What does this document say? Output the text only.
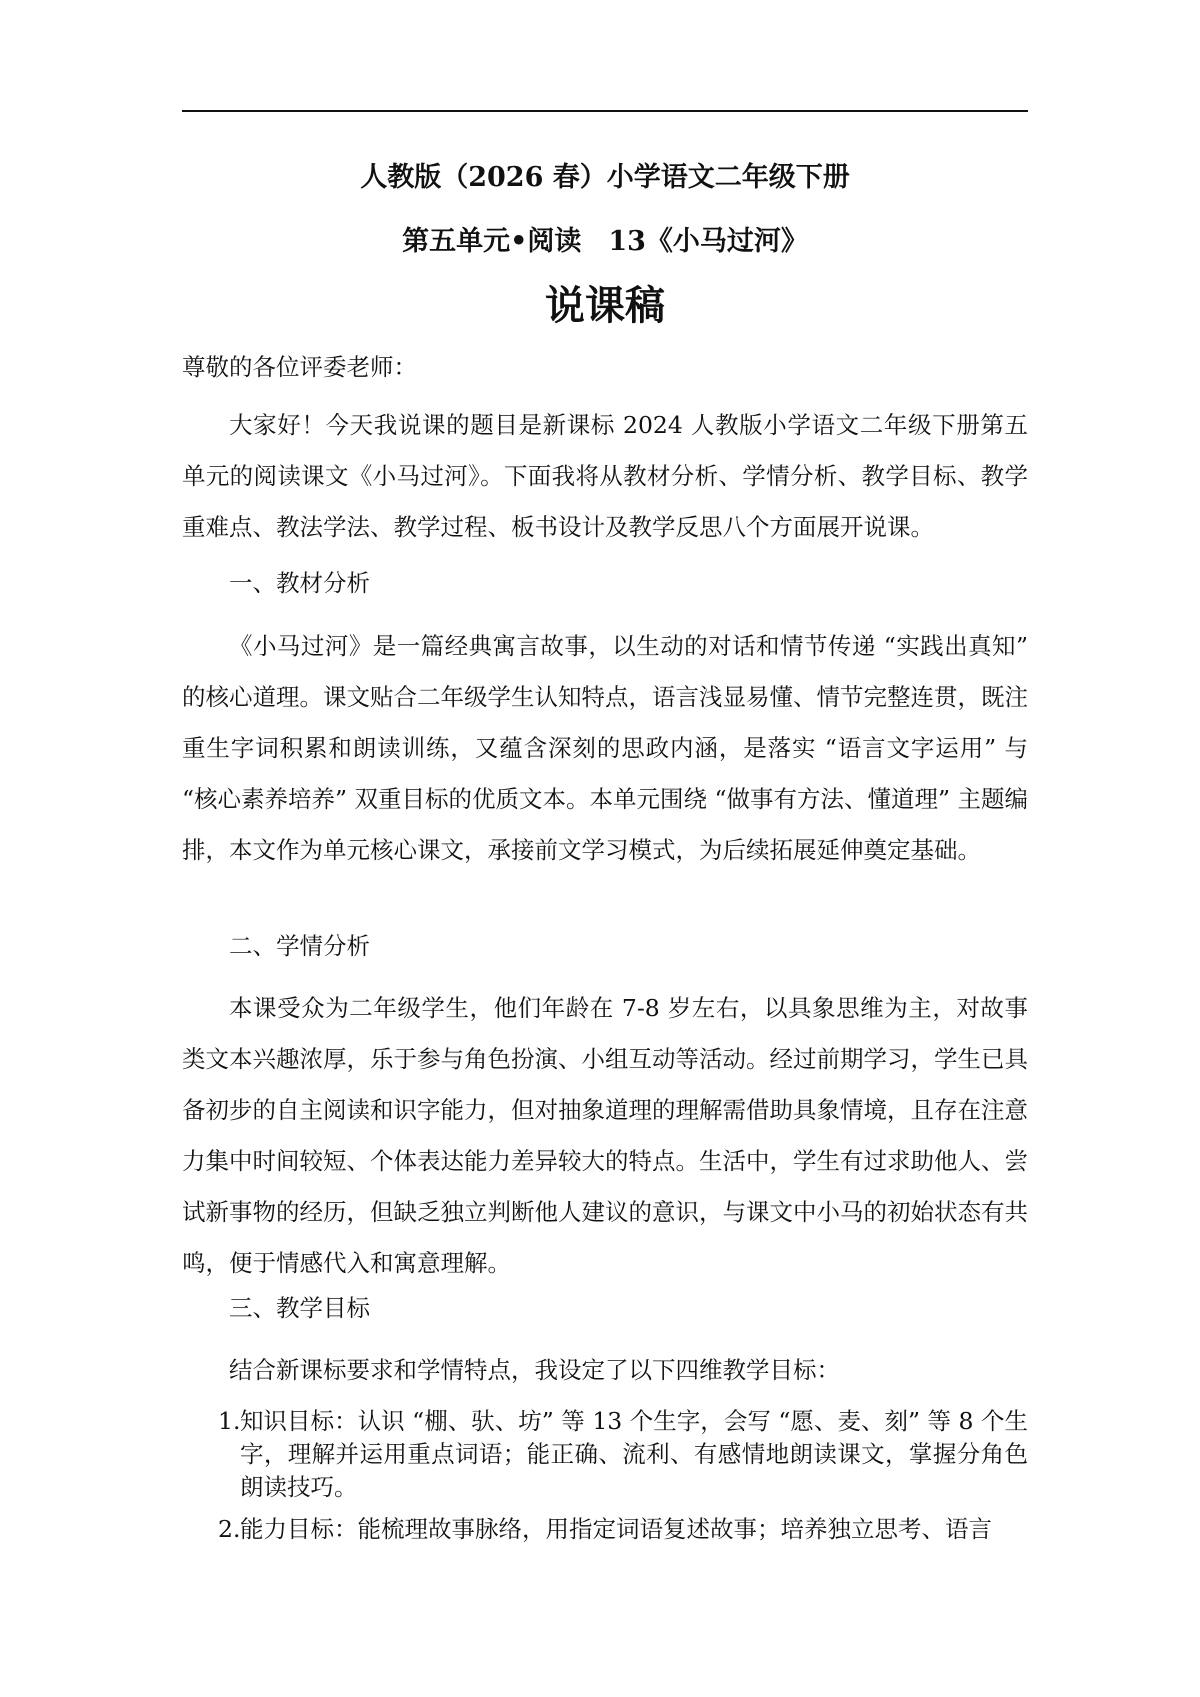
人教版（2026 春）小学语文二年级下册
第五单元•阅读　13《小马过河》
说课稿
尊敬的各位评委老师：

大家好！今天我说课的题目是新课标 2024 人教版小学语文二年级下册第五单元的阅读课文《小马过河》。下面我将从教材分析、学情分析、教学目标、教学重难点、教法学法、教学过程、板书设计及教学反思八个方面展开说课。

一、教材分析

《小马过河》是一篇经典寓言故事，以生动的对话和情节传递 “实践出真知” 的核心道理。课文贴合二年级学生认知特点，语言浅显易懂、情节完整连贯，既注重生字词积累和朗读训练，又蕴含深刻的思政内涵，是落实 “语言文字运用” 与 “核心素养培养” 双重目标的优质文本。本单元围绕 “做事有方法、懂道理” 主题编排，本文作为单元核心课文，承接前文学习模式，为后续拓展延伸奠定基础。

二、学情分析

本课受众为二年级学生，他们年龄在 7-8 岁左右，以具象思维为主，对故事类文本兴趣浓厚，乐于参与角色扮演、小组互动等活动。经过前期学习，学生已具备初步的自主阅读和识字能力，但对抽象道理的理解需借助具象情境，且存在注意力集中时间较短、个体表达能力差异较大的特点。生活中，学生有过求助他人、尝试新事物的经历，但缺乏独立判断他人建议的意识，与课文中小马的初始状态有共鸣，便于情感代入和寓意理解。

三、教学目标

结合新课标要求和学情特点，我设定了以下四维教学目标：

1 . 知识目标：认识 “棚、驮、坊” 等 13 个生字，会写 “愿、麦、刻” 等 8 个生字，理解并运用重点词语；能正确、流利、有感情地朗读课文，掌握分角色朗读技巧。
2 . 能力目标：能梳理故事脉络，用指定词语复述故事；培养独立思考、语言
